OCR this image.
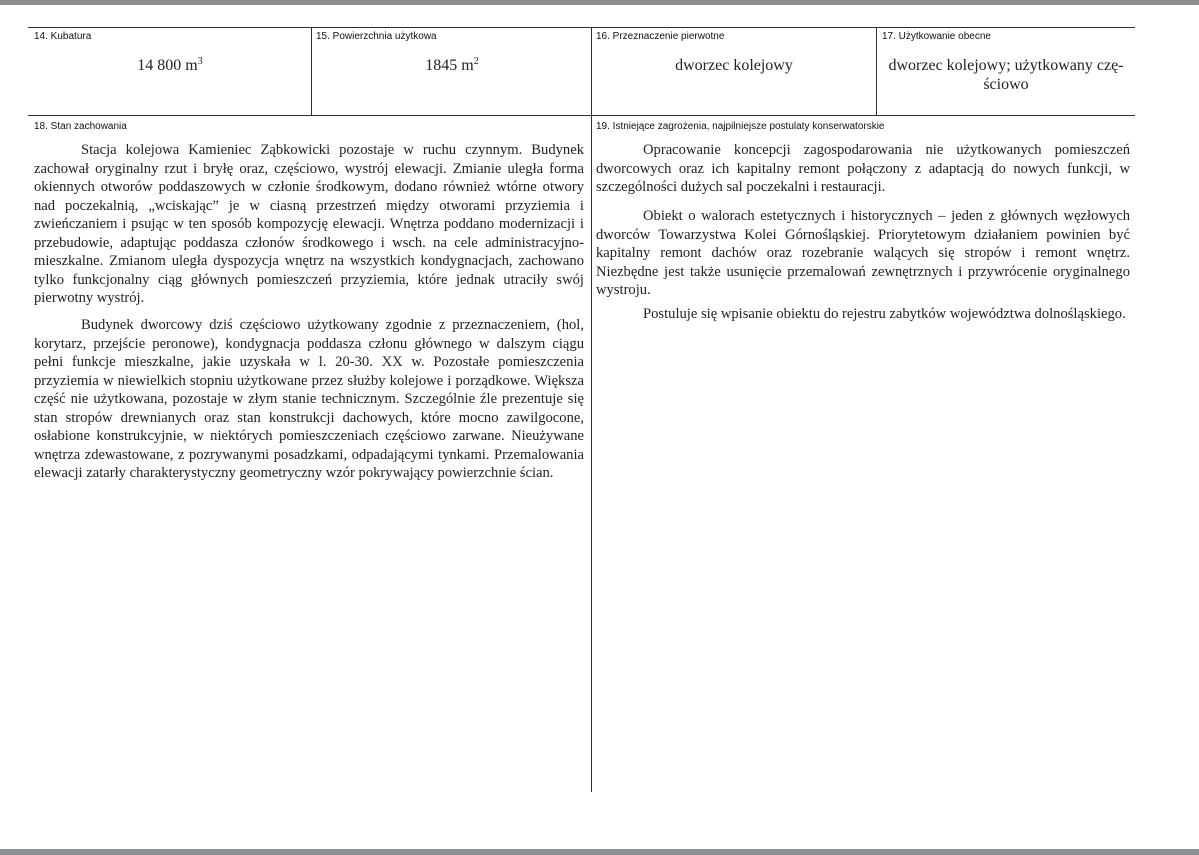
14. Kubatura	15. Powierzchnia użytkowa	16. Przeznaczenie pierwotne	17. Użytkowanie obecne
14 800 $m^3$	1845 $m^2$	dworzec kolejowy	dworzec kolejowy; użytkowany czę-
ściowo
18. Stan zachowania

Stacja kolejowa Kamieniec Ząbkowicki pozostaje w ruchu czynnym. Budynek zachował oryginalny rzut i bryłę oraz, częściowo, wystrój elewacji. Zmianie uległa forma okiennych otworów poddaszowych w członie środkowym, dodano również wtórne otwory nad poczekalnią, „wciskając” je w ciasną przestrzeń między otworami przyziemia i zwieńczaniem i psując w ten sposób kompozycję elewacji. Wnętrza poddano modernizacji i przebudowie, adaptując poddasza członów środkowego i wsch. na cele administracyjno-mieszkalne. Zmianom uległa dyspozycja wnętrz na wszystkich kondygnacjach, zachowano tylko funkcjonalny ciąg głównych pomieszczeń przyziemia, które jednak utraciły swój pierwotny wystrój.

Budynek dworcowy dziś częściowo użytkowany zgodnie z przeznaczeniem, (hol, korytarz, przejście peronowe), kondygnacja poddasza członu głównego w dalszym ciągu pełni funkcje mieszkalne, jakie uzyskała w l. 20-30. XX w. Pozostałe pomieszczenia przyziemia w niewielkich stopniu użytkowane przez służby kolejowe i porządkowe. Większa część nie użytkowana, pozostaje w złym stanie technicznym. Szczególnie źle prezentuje się stan stropów drewnianych oraz stan konstrukcji dachowych, które mocno zawilgocone, osłabione konstrukcyjnie, w niektórych pomieszczeniach częściowo zarwane. Nieużywane wnętrza zdewastowane, z pozrywanymi posadzkami, odpadającymi tynkami. Przemalowania elewacji zatarły charakterystyczny geometryczny wzór pokrywający powierzchnie ścian.

19. Istniejące zagrożenia, najpilniejsze postulaty konserwatorskie

Opracowanie koncepcji zagospodarowania nie użytkowanych pomieszczeń dworcowych oraz ich kapitalny remont połączony z adaptacją do nowych funkcji, w szczególności dużych sal poczekalni i restauracji.

Obiekt o walorach estetycznych i historycznych – jeden z głównych węzłowych dworców Towarzystwa Kolei Górnośląskiej. Priorytetowym działaniem powinien być kapitalny remont dachów oraz rozebranie walących się stropów i remont wnętrz. Niezbędne jest także usunięcie przemalowań zewnętrznych i przywrócenie oryginalnego wystroju.

Postuluje się wpisanie obiektu do rejestru zabytków województwa dolnośląskiego.
